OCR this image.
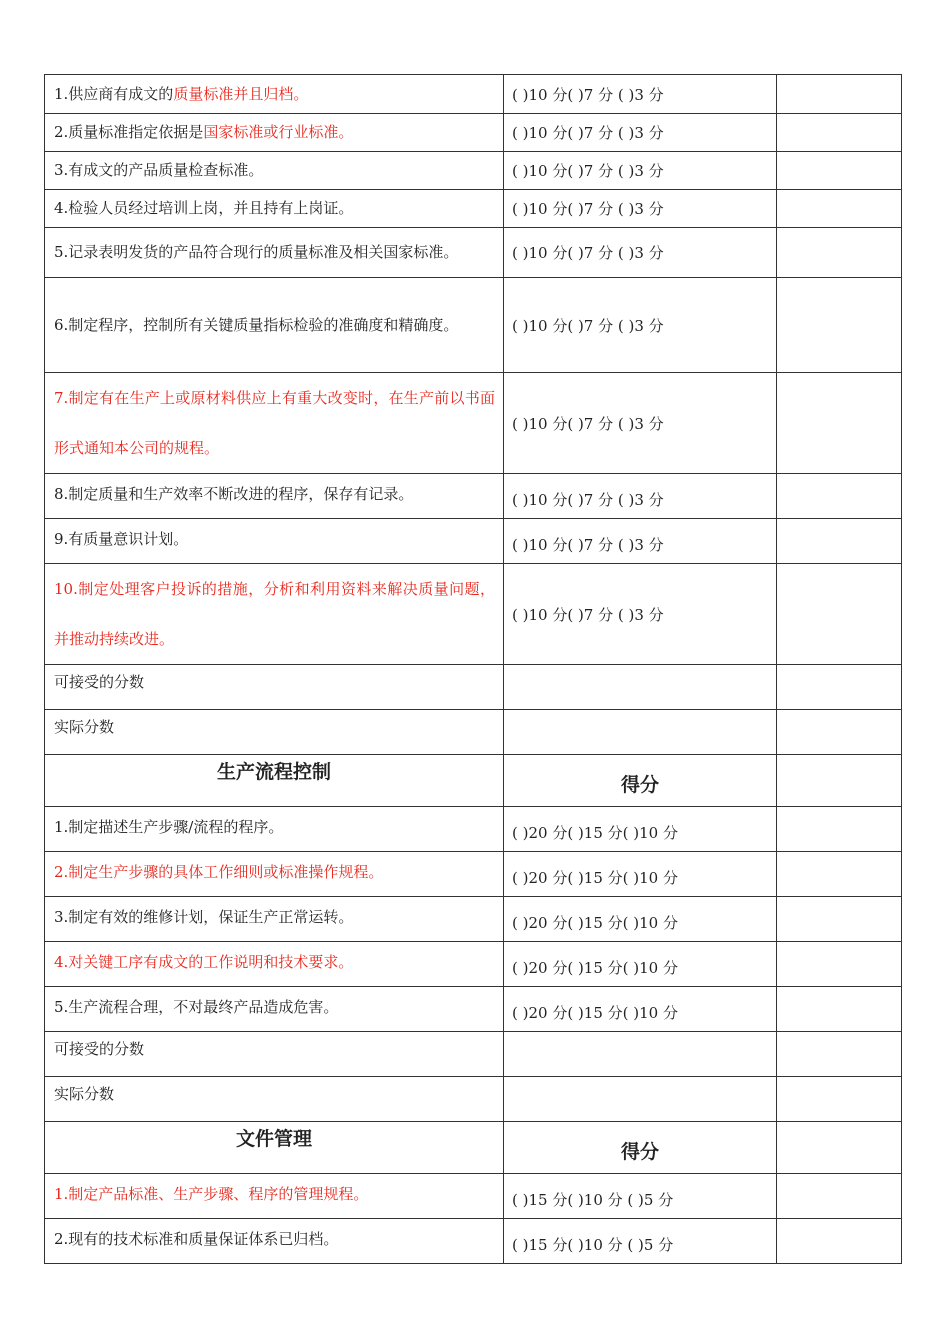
1.供应商有成文的质量标准并且归档。	( )10 分( )7 分 ( )3 分	
2.质量标准指定依据是国家标准或行业标准。	( )10 分( )7 分 ( )3 分	
3.有成文的产品质量检查标准。	( )10 分( )7 分 ( )3 分	
4.检验人员经过培训上岗，并且持有上岗证。	( )10 分( )7 分 ( )3 分	
5.记录表明发货的产品符合现行的质量标准及相关国家标准。	( )10 分( )7 分 ( )3 分	
6.制定程序，控制所有关键质量指标检验的准确度和精确度。	( )10 分( )7 分 ( )3 分	
7.制定有在生产上或原材料供应上有重大改变时，在生产前以书面形式通知本公司的规程。	( )10 分( )7 分 ( )3 分	
8.制定质量和生产效率不断改进的程序，保存有记录。	( )10 分( )7 分 ( )3 分	
9.有质量意识计划。	( )10 分( )7 分 ( )3 分	
10.制定处理客户投诉的措施，分析和利用资料来解决质量问题，并推动持续改进。	( )10 分( )7 分 ( )3 分	
可接受的分数		
实际分数		
生产流程控制	得分	
1.制定描述生产步骤/流程的程序。	( )20 分( )15 分( )10 分	
2.制定生产步骤的具体工作细则或标准操作规程。	( )20 分( )15 分( )10 分	
3.制定有效的维修计划，保证生产正常运转。	( )20 分( )15 分( )10 分	
4.对关键工序有成文的工作说明和技术要求。	( )20 分( )15 分( )10 分	
5.生产流程合理，不对最终产品造成危害。	( )20 分( )15 分( )10 分	
可接受的分数		
实际分数		
文件管理	得分	
1.制定产品标准、生产步骤、程序的管理规程。	( )15 分( )10 分 ( )5 分	
2.现有的技术标准和质量保证体系已归档。	( )15 分( )10 分 ( )5 分	
